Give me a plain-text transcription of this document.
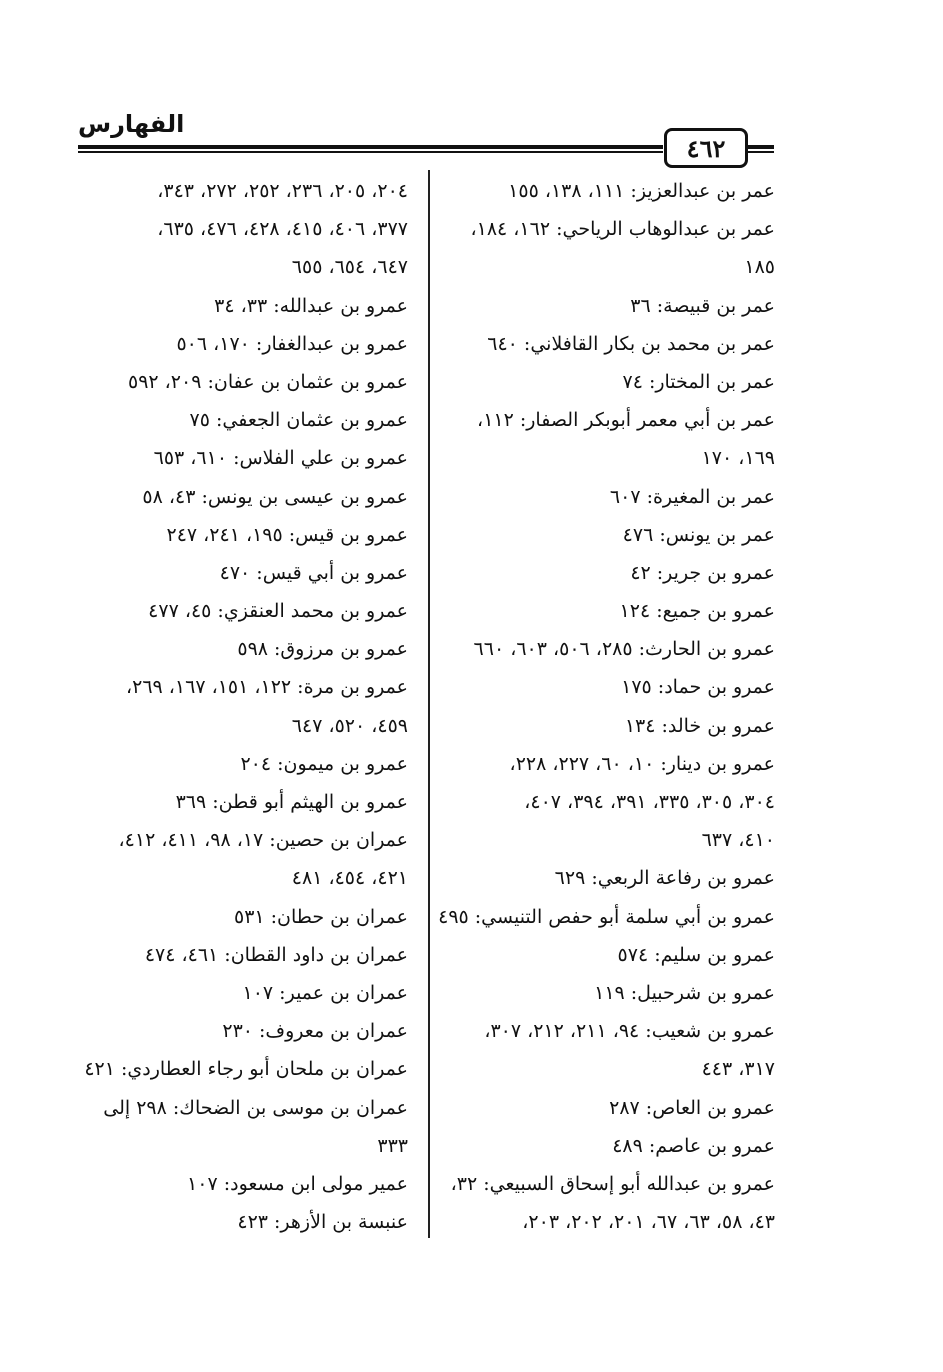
الفهارس
٤٦٢
عمر بن عبدالعزيز: ١١١، ١٣٨، ١٥٥
عمر بن عبدالوهاب الرياحي: ١٦٢، ١٨٤،
١٨٥
عمر بن قبيصة: ٣٦
عمر بن محمد بن بكار القافلاني: ٦٤٠
عمر بن المختار: ٧٤
عمر بن أبي معمر أبوبكر الصفار: ١١٢،
١٦٩، ١٧٠
عمر بن المغيرة: ٦٠٧
عمر بن يونس: ٤٧٦
عمرو بن جرير: ٤٢
عمرو بن جميع: ١٢٤
عمرو بن الحارث: ٢٨٥، ٥٠٦، ٦٠٣، ٦٦٠
عمرو بن حماد: ١٧٥
عمرو بن خالد: ١٣٤
عمرو بن دينار: ١٠، ٦٠، ٢٢٧، ٢٢٨،
٣٠٤، ٣٠٥، ٣٣٥، ٣٩١، ٣٩٤، ٤٠٧،
٤١٠، ٦٣٧
عمرو بن رفاعة الربعي: ٦٢٩
عمرو بن أبي سلمة أبو حفص التنيسي: ٤٩٥
عمرو بن سليم: ٥٧٤
عمرو بن شرحبيل: ١١٩
عمرو بن شعيب: ٩٤، ٢١١، ٢١٢، ٣٠٧،
٣١٧، ٤٤٣
عمرو بن العاص: ٢٨٧
عمرو بن عاصم: ٤٨٩
عمرو بن عبدالله أبو إسحاق السبيعي: ٣٢،
٤٣، ٥٨، ٦٣، ٦٧، ٢٠١، ٢٠٢، ٢٠٣،
٢٠٤، ٢٠٥، ٢٣٦، ٢٥٢، ٢٧٢، ٣٤٣،
٣٧٧، ٤٠٦، ٤١٥، ٤٢٨، ٤٧٦، ٦٣٥،
٦٤٧، ٦٥٤، ٦٥٥
عمرو بن عبدالله: ٣٣، ٣٤
عمرو بن عبدالغفار: ١٧٠، ٥٠٦
عمرو بن عثمان بن عفان: ٢٠٩، ٥٩٢
عمرو بن عثمان الجعفي: ٧٥
عمرو بن علي الفلاس: ٦١٠، ٦٥٣
عمرو بن عيسى بن يونس: ٤٣، ٥٨
عمرو بن قيس: ١٩٥، ٢٤١، ٢٤٧
عمرو بن أبي قيس: ٤٧٠
عمرو بن محمد العنقزي: ٤٥، ٤٧٧
عمرو بن مرزوق: ٥٩٨
عمرو بن مرة: ١٢٢، ١٥١، ١٦٧، ٢٦٩،
٤٥٩، ٥٢٠، ٦٤٧
عمرو بن ميمون: ٢٠٤
عمرو بن الهيثم أبو قطن: ٣٦٩
عمران بن حصين: ١٧، ٩٨، ٤١١، ٤١٢،
٤٢١، ٤٥٤، ٤٨١
عمران بن حطان: ٥٣١
عمران بن داود القطان: ٤٦١، ٤٧٤
عمران بن عمير: ١٠٧
عمران بن معروف: ٢٣٠
عمران بن ملحان أبو رجاء العطاردي: ٤٢١
عمران بن موسى بن الضحاك: ٢٩٨ إلى
٣٣٣
عمير مولى ابن مسعود: ١٠٧
عنبسة بن الأزهر: ٤٢٣
